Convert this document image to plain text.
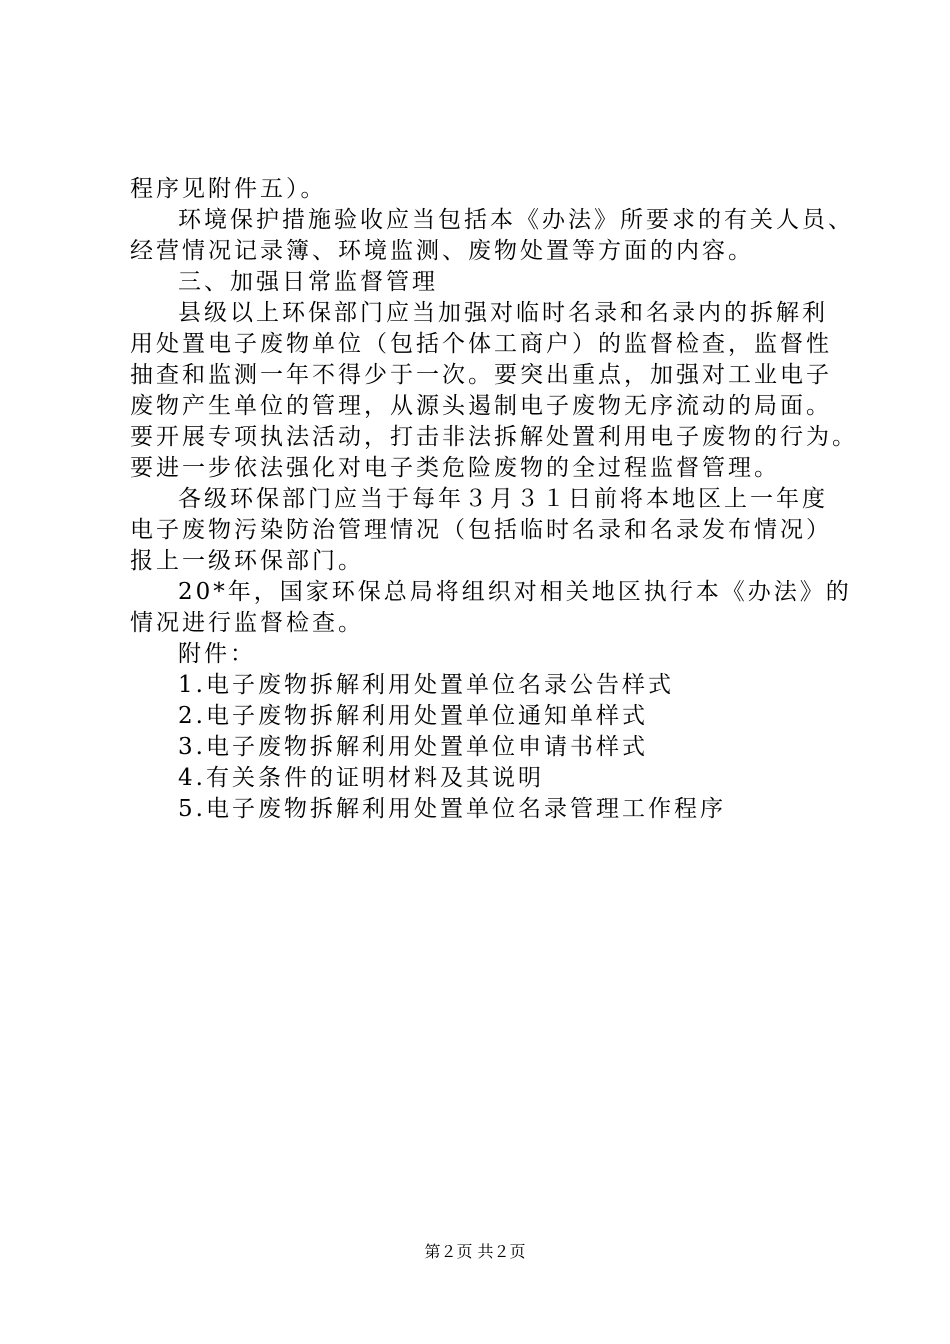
程序见附件五）。
环境保护措施验收应当包括本《办法》所要求的有关人员、
经营情况记录簿、环境监测、废物处置等方面的内容。
三、加强日常监督管理
县级以上环保部门应当加强对临时名录和名录内的拆解利
用处置电子废物单位（包括个体工商户）的监督检查，监督性
抽查和监测一年不得少于一次。要突出重点，加强对工业电子
废物产生单位的管理，从源头遏制电子废物无序流动的局面。
要开展专项执法活动，打击非法拆解处置利用电子废物的行为。
要进一步依法强化对电子类危险废物的全过程监督管理。
各级环保部门应当于每年３月３１日前将本地区上一年度
电子废物污染防治管理情况（包括临时名录和名录发布情况）
报上一级环保部门。
20*年，国家环保总局将组织对相关地区执行本《办法》的
情况进行监督检查。
附件：
1.电子废物拆解利用处置单位名录公告样式
2.电子废物拆解利用处置单位通知单样式
3.电子废物拆解利用处置单位申请书样式
4.有关条件的证明材料及其说明
5.电子废物拆解利用处置单位名录管理工作程序
第２页 共２页
